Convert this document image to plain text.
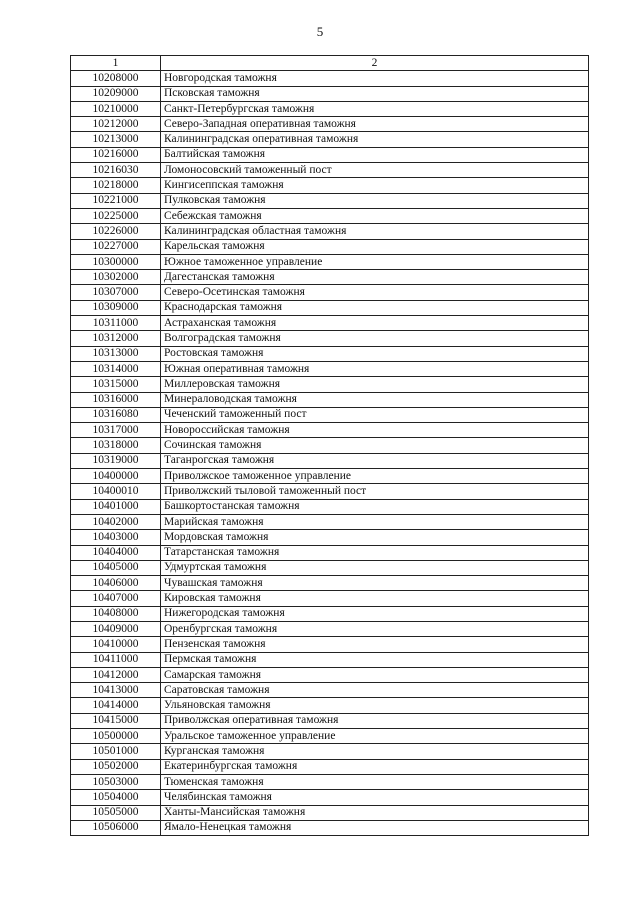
5
1	2
10208000	Новгородская таможня
10209000	Псковская таможня
10210000	Санкт-Петербургская таможня
10212000	Северо-Западная оперативная таможня
10213000	Калининградская оперативная таможня
10216000	Балтийская таможня
10216030	Ломоносовский таможенный пост
10218000	Кингисеппская таможня
10221000	Пулковская таможня
10225000	Себежская таможня
10226000	Калининградская областная таможня
10227000	Карельская таможня
10300000	Южное таможенное управление
10302000	Дагестанская таможня
10307000	Северо-Осетинская таможня
10309000	Краснодарская таможня
10311000	Астраханская таможня
10312000	Волгоградская таможня
10313000	Ростовская таможня
10314000	Южная оперативная таможня
10315000	Миллеровская таможня
10316000	Минераловодская таможня
10316080	Чеченский таможенный пост
10317000	Новороссийская таможня
10318000	Сочинская таможня
10319000	Таганрогская таможня
10400000	Приволжское таможенное управление
10400010	Приволжский тыловой таможенный пост
10401000	Башкортостанская таможня
10402000	Марийская таможня
10403000	Мордовская таможня
10404000	Татарстанская таможня
10405000	Удмуртская таможня
10406000	Чувашская таможня
10407000	Кировская таможня
10408000	Нижегородская таможня
10409000	Оренбургская таможня
10410000	Пензенская таможня
10411000	Пермская таможня
10412000	Самарская таможня
10413000	Саратовская таможня
10414000	Ульяновская таможня
10415000	Приволжская оперативная таможня
10500000	Уральское таможенное управление
10501000	Курганская таможня
10502000	Екатеринбургская таможня
10503000	Тюменская таможня
10504000	Челябинская таможня
10505000	Ханты-Мансийская таможня
10506000	Ямало-Ненецкая таможня
